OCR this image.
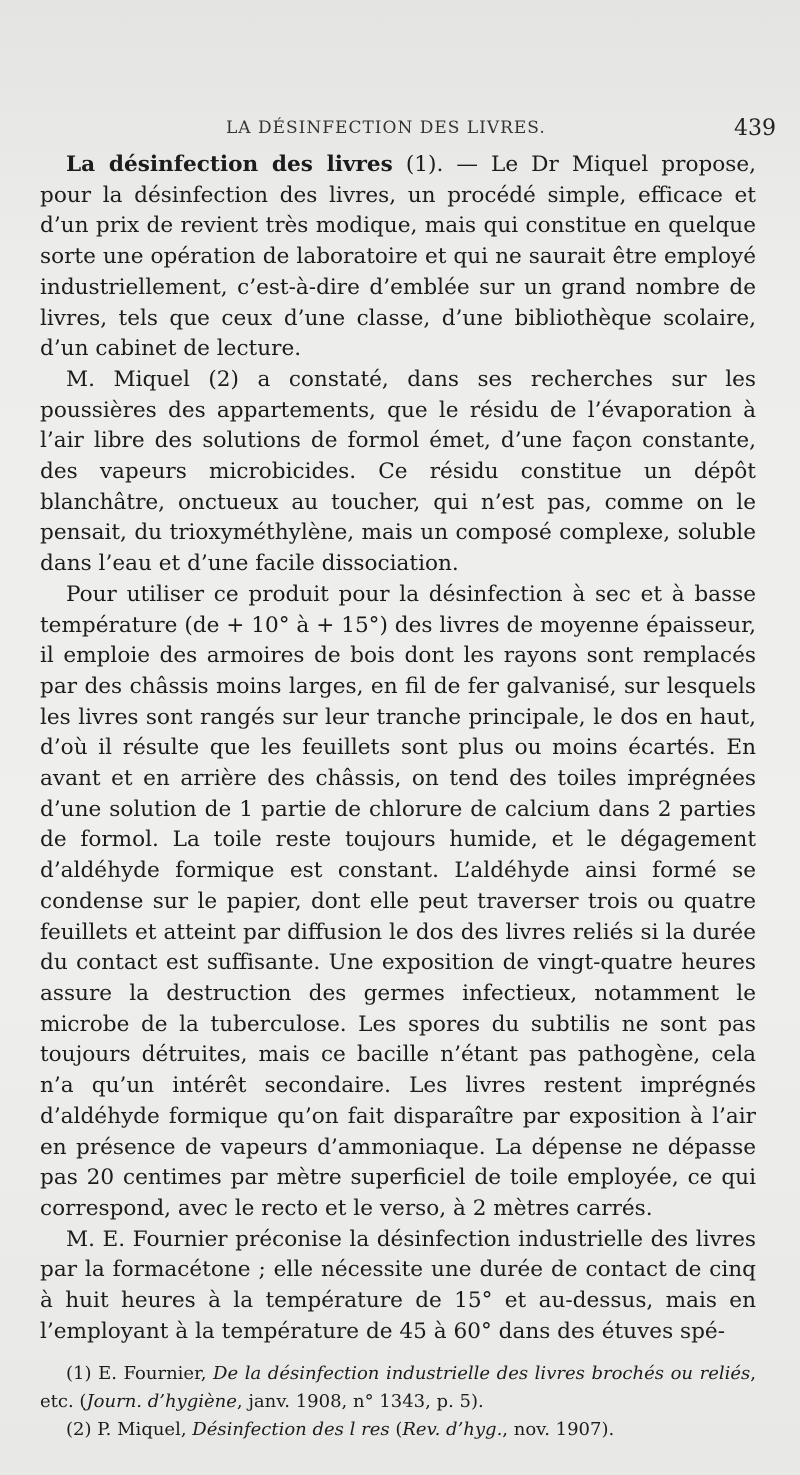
LA DÉSINFECTION DES LIVRES.	439

La désinfection des livres (1). — Le Dr Miquel propose, pour la désinfection des livres, un procédé simple, efficace et d’un prix de revient très modique, mais qui constitue en quelque sorte une opération de laboratoire et qui ne saurait être employé industriellement, c’est-à-dire d’emblée sur un grand nombre de livres, tels que ceux d’une classe, d’une bibliothèque scolaire, d’un cabinet de lecture.

M. Miquel (2) a constaté, dans ses recherches sur les poussières des appartements, que le résidu de l’évaporation à l’air libre des solutions de formol émet, d’une façon constante, des vapeurs microbicides. Ce résidu constitue un dépôt blanchâtre, onctueux au toucher, qui n’est pas, comme on le pensait, du trioxyméthylène, mais un composé complexe, soluble dans l’eau et d’une facile dissociation.

Pour utiliser ce produit pour la désinfection à sec et à basse température (de + 10° à + 15°) des livres de moyenne épaisseur, il emploie des armoires de bois dont les rayons sont remplacés par des châssis moins larges, en fil de fer galvanisé, sur lesquels les livres sont rangés sur leur tranche principale, le dos en haut, d’où il résulte que les feuillets sont plus ou moins écartés. En avant et en arrière des châssis, on tend des toiles imprégnées d’une solution de 1 partie de chlorure de calcium dans 2 parties de formol. La toile reste toujours humide, et le dégagement d’aldéhyde formique est constant. L’aldéhyde ainsi formé se condense sur le papier, dont elle peut traverser trois ou quatre feuillets et atteint par diffusion le dos des livres reliés si la durée du contact est suffisante. Une exposition de vingt-quatre heures assure la destruction des germes infectieux, notamment le microbe de la tuberculose. Les spores du subtilis ne sont pas toujours détruites, mais ce bacille n’étant pas pathogène, cela n’a qu’un intérêt secondaire. Les livres restent imprégnés d’aldéhyde formique qu’on fait disparaître par exposition à l’air en présence de vapeurs d’ammoniaque. La dépense ne dépasse pas 20 centimes par mètre superficiel de toile employée, ce qui correspond, avec le recto et le verso, à 2 mètres carrés.

M. E. Fournier préconise la désinfection industrielle des livres par la formacétone ; elle nécessite une durée de contact de cinq à huit heures à la température de 15° et au-dessus, mais en l’employant à la température de 45 à 60° dans des étuves spé-

(1) E. Fournier, De la désinfection industrielle des livres brochés ou reliés, etc. (Journ. d’hygiène, janv. 1908, n° 1343, p. 5).

(2) P. Miquel, Désinfection des l res (Rev. d’hyg., nov. 1907).
